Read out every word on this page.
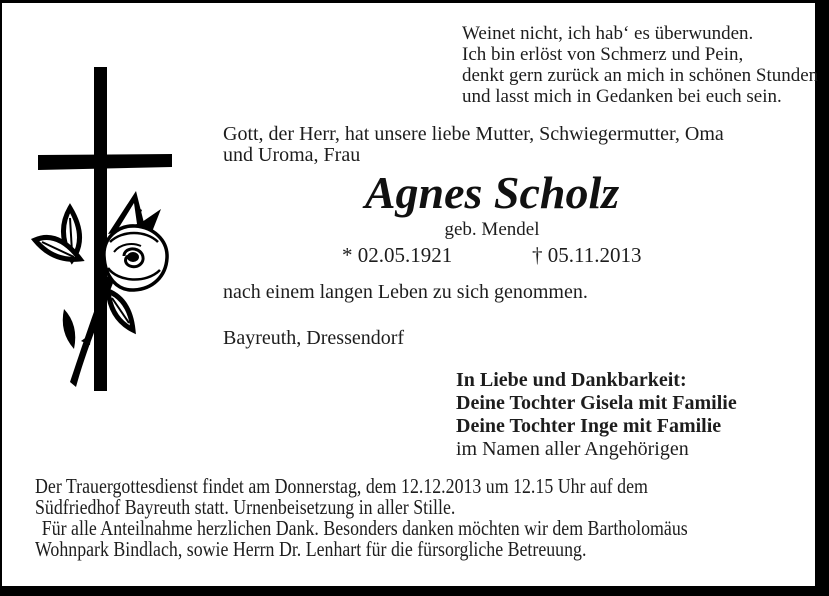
Weinet nicht, ich hab‘ es überwunden.
Ich bin erlöst von Schmerz und Pein,
denkt gern zurück an mich in schönen Stunden
und lasst mich in Gedanken bei euch sein.
Gott, der Herr, hat unsere liebe Mutter, Schwiegermutter, Oma
und Uroma, Frau
Agnes Scholz
geb. Mendel
* 02.05.1921	† 05.11.2013
nach einem langen Leben zu sich genommen.
Bayreuth, Dressendorf
In Liebe und Dankbarkeit:
Deine Tochter Gisela mit Familie
Deine Tochter Inge mit Familie
im Namen aller Angehörigen
Der Trauergottesdienst findet am Donnerstag, dem 12.12.2013 um 12.15 Uhr auf dem
Südfriedhof Bayreuth statt. Urnenbeisetzung in aller Stille.
Für alle Anteilnahme herzlichen Dank. Besonders danken möchten wir dem Bartholomäus
Wohnpark Bindlach, sowie Herrn Dr. Lenhart für die fürsorgliche Betreuung.
